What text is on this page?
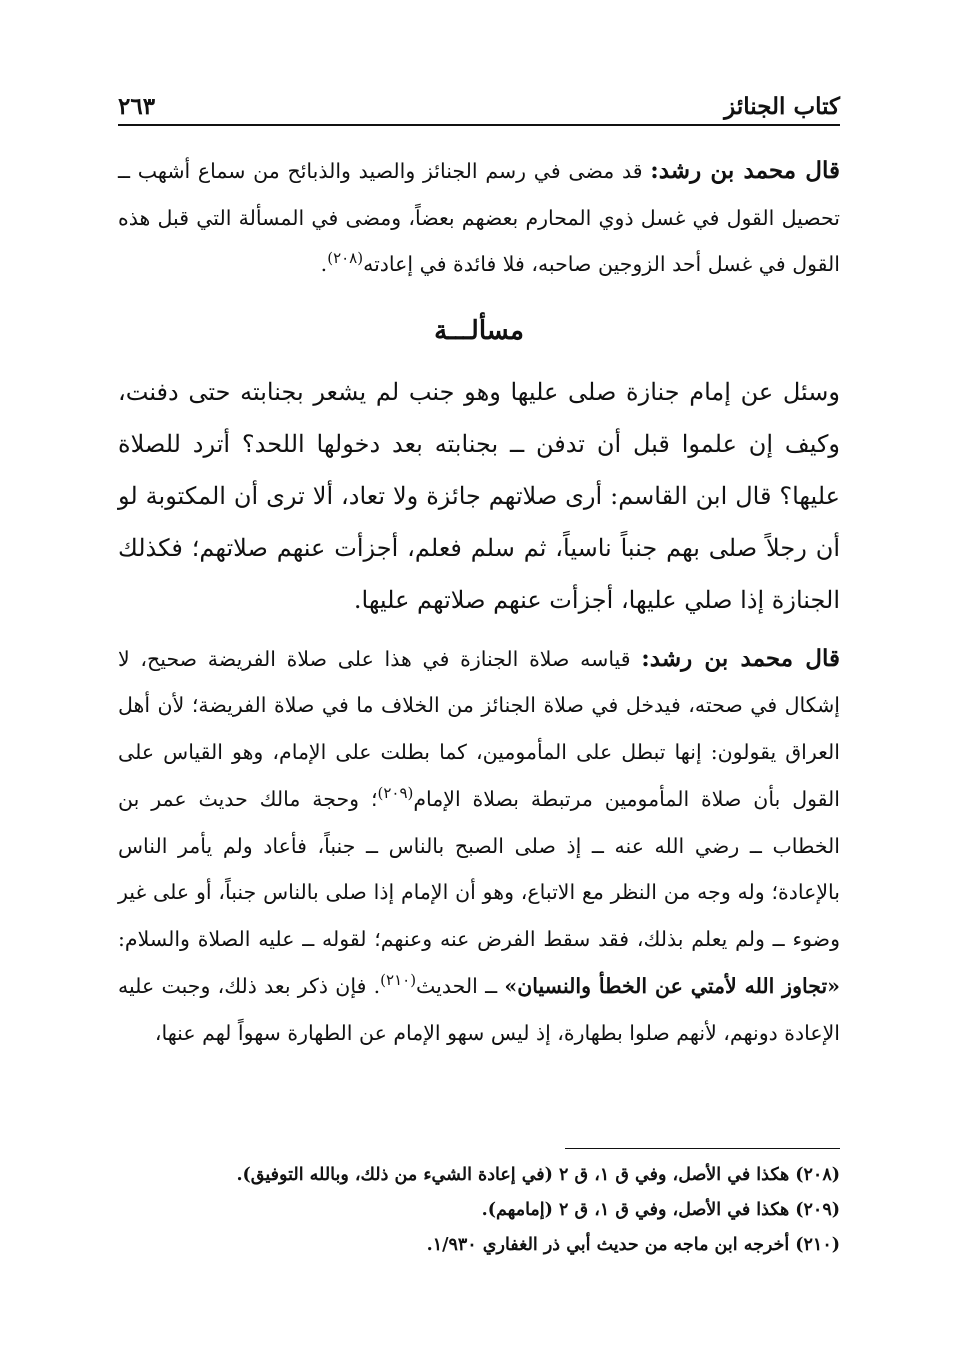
٢٦٣	كتاب الجنائز

قال محمد بن رشد: قد مضى في رسم الجنائز والصيد والذبائح من سماع أشهب ــ تحصيل القول في غسل ذوي المحارم بعضهم بعضاً، ومضى في المسألة التي قبل هذه القول في غسل أحد الزوجين صاحبه، فلا فائدة في إعادته$^{(٢٠٨)}$.

مسألـــة

وسئل عن إمام جنازة صلى عليها وهو جنب لم يشعر بجنابته حتى دفنت، وكيف إن علموا قبل أن تدفن ــ بجنابته بعد دخولها اللحد؟ أترد للصلاة عليها؟ قال ابن القاسم: أرى صلاتهم جائزة ولا تعاد، ألا ترى أن المكتوبة لو أن رجلاً صلى بهم جنباً ناسياً، ثم سلم فعلم، أجزأت عنهم صلاتهم؛ فكذلك الجنازة إذا صلي عليها، أجزأت عنهم صلاتهم عليها.

قال محمد بن رشد: قياسه صلاة الجنازة في هذا على صلاة الفريضة صحيح، لا إشكال في صحته، فيدخل في صلاة الجنائز من الخلاف ما في صلاة الفريضة؛ لأن أهل العراق يقولون: إنها تبطل على المأمومين، كما بطلت على الإمام، وهو القياس على القول بأن صلاة المأمومين مرتبطة بصلاة الإمام$^{(٢٠٩)}$؛ وحجة مالك حديث عمر بن الخطاب ــ رضي الله عنه ــ إذ صلى الصبح بالناس ــ جنباً، فأعاد ولم يأمر الناس بالإعادة؛ وله وجه من النظر مع الاتباع، وهو أن الإمام إذا صلى بالناس جنباً، أو على غير وضوء ــ ولم يعلم بذلك، فقد سقط الفرض عنه وعنهم؛ لقوله ــ عليه الصلاة والسلام: «تجاوز الله لأمتي عن الخطأ والنسيان» ــ الحديث$^{(٢١٠)}$. فإن ذكر بعد ذلك، وجبت عليه الإعادة دونهم، لأنهم صلوا بطهارة، إذ ليس سهو الإمام عن الطهارة سهواً لهم عنها،

(٢٠٨)هكذا في الأصل، وفي ق ١، ق ٢ (في إعادة الشيء من ذلك، وبالله التوفيق).

(٢٠٩)هكذا في الأصل، وفي ق ١، ق ٢ (إمامهم).

(٢١٠)أخرجه ابن ماجه من حديث أبي ذر الغفاري ١/٩٣٠.
